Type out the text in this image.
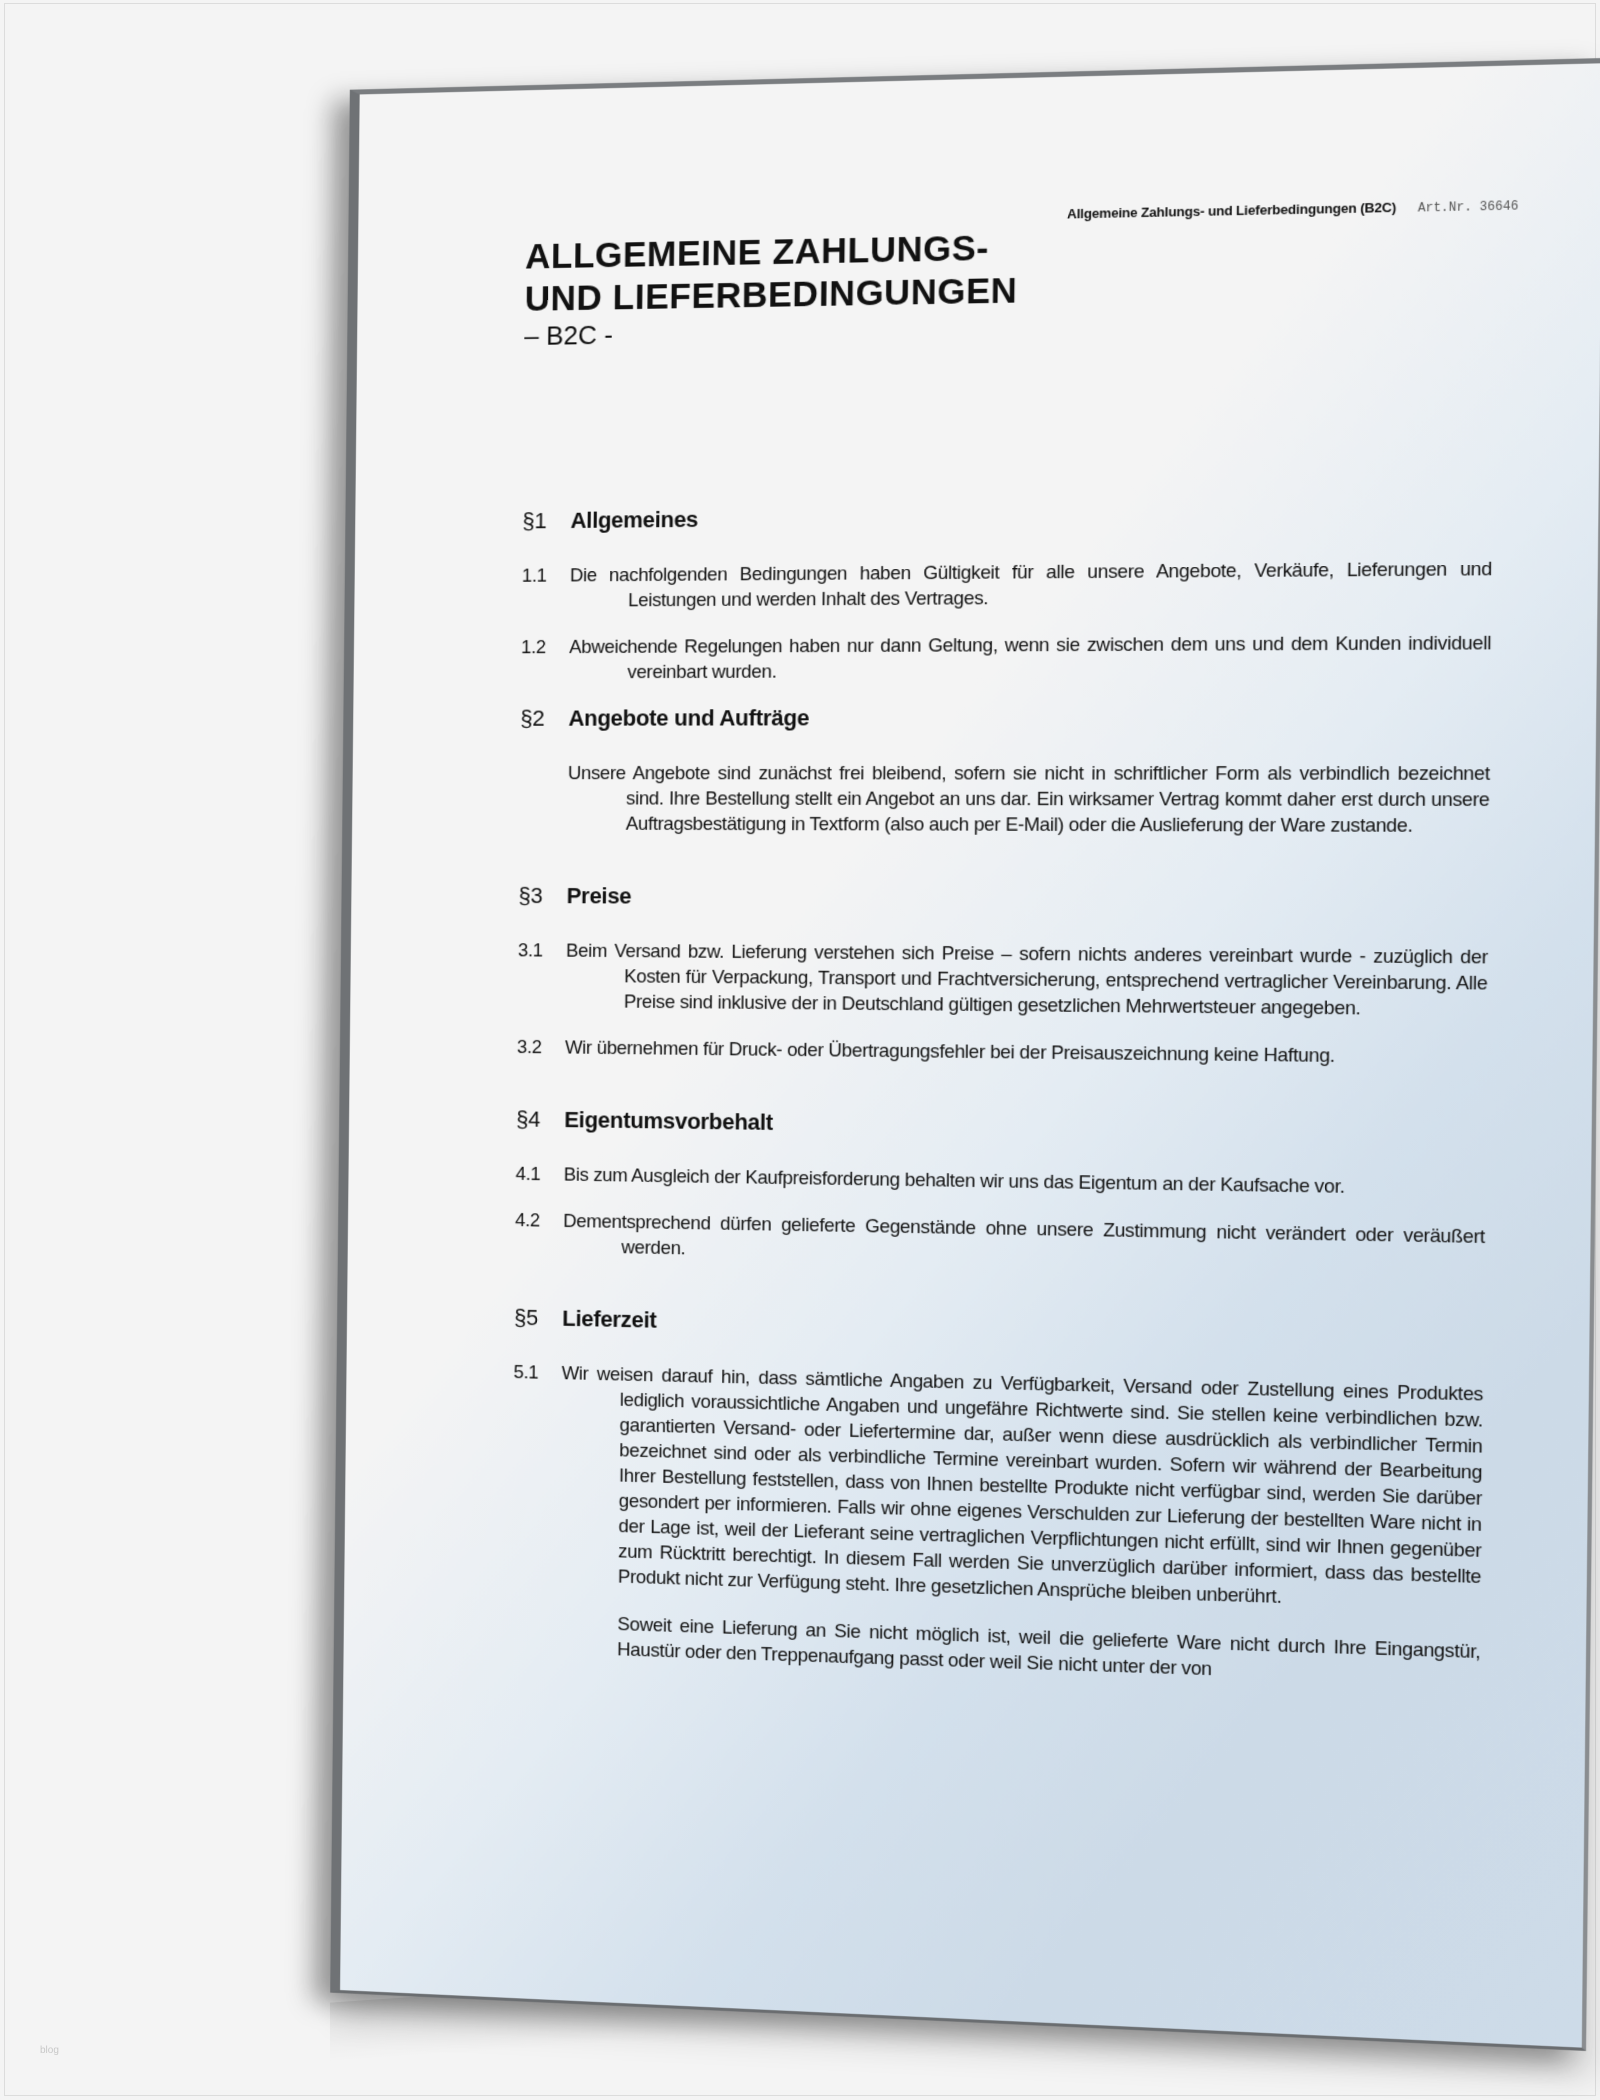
Allgemeine Zahlungs- und Lieferbedingungen (B2C) Art.Nr. 36646
ALLGEMEINE ZAHLUNGS-
UND LIEFERBEDINGUNGEN
– B2C -
§1	Allgemeines
1.1	Die nachfolgenden Bedingungen haben Gültigkeit für alle unsere Angebote, Verkäufe, Lieferungen und Leistungen und werden Inhalt des Vertrages.
1.2	Abweichende Regelungen haben nur dann Geltung, wenn sie zwischen dem uns und dem Kunden individuell vereinbart wurden.
§2	Angebote und Aufträge
Unsere Angebote sind zunächst frei bleibend, sofern sie nicht in schriftlicher Form als verbindlich bezeichnet sind. Ihre Bestellung stellt ein Angebot an uns dar. Ein wirksamer Vertrag kommt daher erst durch unsere Auftragsbestätigung in Textform (also auch per E-Mail) oder die Auslieferung der Ware zustande.
§3	Preise
3.1	Beim Versand bzw. Lieferung verstehen sich Preise – sofern nichts anderes vereinbart wurde - zuzüglich der Kosten für Verpackung, Transport und Frachtversicherung, entsprechend vertraglicher Vereinbarung. Alle Preise sind inklusive der in Deutschland gültigen gesetzlichen Mehrwertsteuer angegeben.
3.2	Wir übernehmen für Druck- oder Übertragungsfehler bei der Preisauszeichnung keine Haftung.
§4	Eigentumsvorbehalt
4.1	Bis zum Ausgleich der Kaufpreisforderung behalten wir uns das Eigentum an der Kaufsache vor.
4.2	Dementsprechend dürfen gelieferte Gegenstände ohne unsere Zustimmung nicht verändert oder veräußert werden.
§5	Lieferzeit
5.1	Wir weisen darauf hin, dass sämtliche Angaben zu Verfügbarkeit, Versand oder Zustellung eines Produktes lediglich voraussichtliche Angaben und ungefähre Richtwerte sind. Sie stellen keine verbindlichen bzw. garantierten Versand- oder Liefertermine dar, außer wenn diese ausdrücklich als verbindlicher Termin bezeichnet sind oder als verbindliche Termine vereinbart wurden. Sofern wir während der Bearbeitung Ihrer Bestellung feststellen, dass von Ihnen bestellte Produkte nicht verfügbar sind, werden Sie darüber gesondert per informieren. Falls wir ohne eigenes Verschulden zur Lieferung der bestellten Ware nicht in der Lage ist, weil der Lieferant seine vertraglichen Verpflichtungen nicht erfüllt, sind wir Ihnen gegenüber zum Rücktritt berechtigt. In diesem Fall werden Sie unverzüglich darüber informiert, dass das bestellte Produkt nicht zur Verfügung steht. Ihre gesetzlichen Ansprüche bleiben unberührt.
Soweit eine Lieferung an Sie nicht möglich ist, weil die gelieferte Ware nicht durch Ihre Eingangstür, Haustür oder den Treppenaufgang passt oder weil Sie nicht unter der von
blog
